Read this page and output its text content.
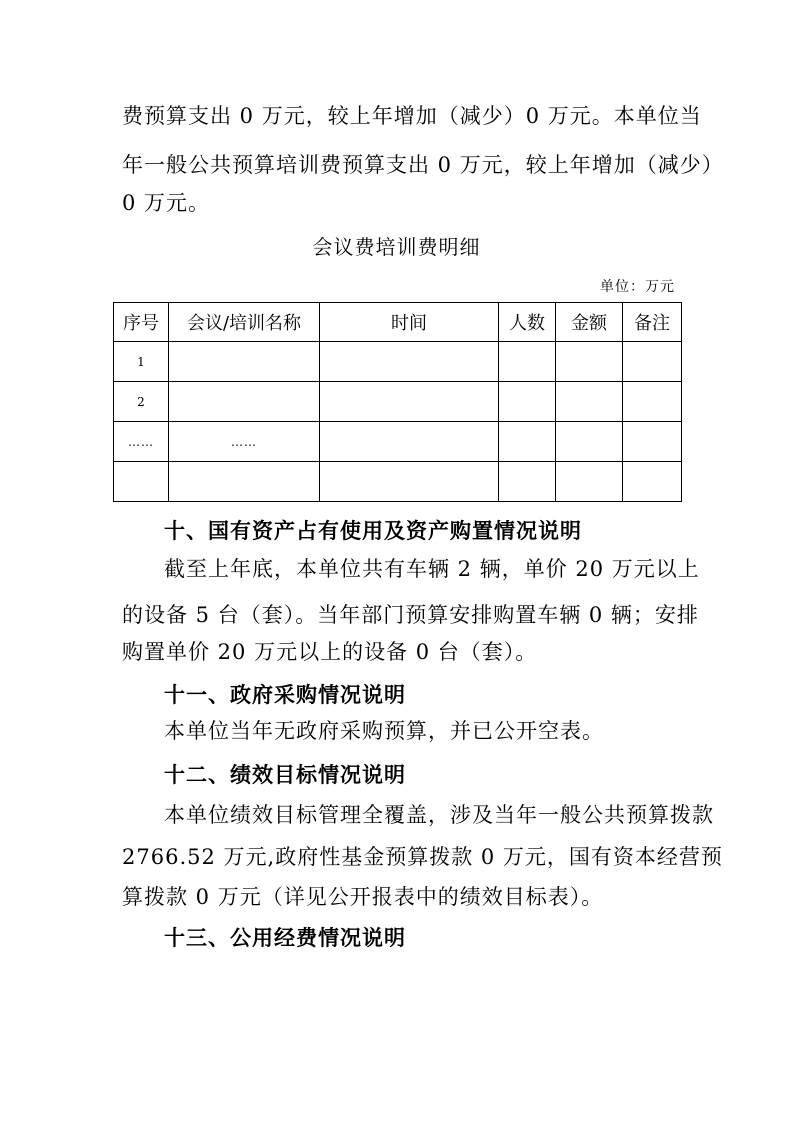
费预算支出 0 万元，较上年增加（减少）0 万元。本单位当
年一般公共预算培训费预算支出 0 万元，较上年增加（减少）
0 万元。
会议费培训费明细
单位：万元
序号	会议/培训名称	时间	人数	金额	备注
1					
2					
……	……				

十、国有资产占有使用及资产购置情况说明
截至上年底，本单位共有车辆 2 辆，单价 20 万元以上
的设备 5 台（套）。当年部门预算安排购置车辆 0 辆；安排
购置单价 20 万元以上的设备 0 台（套）。
十一、政府采购情况说明
本单位当年无政府采购预算，并已公开空表。
十二、绩效目标情况说明
本单位绩效目标管理全覆盖，涉及当年一般公共预算拨款
2766.52 万元,政府性基金预算拨款 0 万元，国有资本经营预
算拨款 0 万元（详见公开报表中的绩效目标表）。
十三、公用经费情况说明
